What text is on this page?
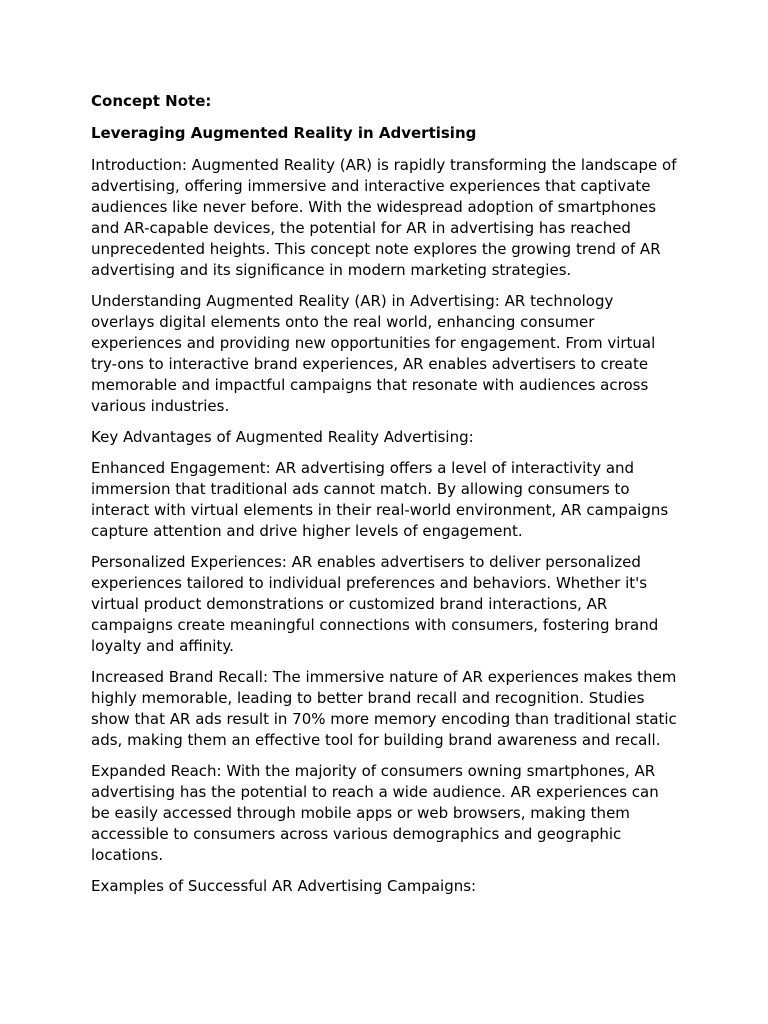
Concept Note:
Leveraging Augmented Reality in Advertising
Introduction: Augmented Reality (AR) is rapidly transforming the landscape of advertising, offering immersive and interactive experiences that captivate audiences like never before. With the widespread adoption of smartphones and AR-capable devices, the potential for AR in advertising has reached unprecedented heights. This concept note explores the growing trend of AR advertising and its significance in modern marketing strategies.
Understanding Augmented Reality (AR) in Advertising: AR technology overlays digital elements onto the real world, enhancing consumer experiences and providing new opportunities for engagement. From virtual try-ons to interactive brand experiences, AR enables advertisers to create memorable and impactful campaigns that resonate with audiences across various industries.
Key Advantages of Augmented Reality Advertising:
Enhanced Engagement: AR advertising offers a level of interactivity and immersion that traditional ads cannot match. By allowing consumers to interact with virtual elements in their real-world environment, AR campaigns capture attention and drive higher levels of engagement.
Personalized Experiences: AR enables advertisers to deliver personalized experiences tailored to individual preferences and behaviors. Whether it's virtual product demonstrations or customized brand interactions, AR campaigns create meaningful connections with consumers, fostering brand loyalty and affinity.
Increased Brand Recall: The immersive nature of AR experiences makes them highly memorable, leading to better brand recall and recognition. Studies show that AR ads result in 70% more memory encoding than traditional static ads, making them an effective tool for building brand awareness and recall.
Expanded Reach: With the majority of consumers owning smartphones, AR advertising has the potential to reach a wide audience. AR experiences can be easily accessed through mobile apps or web browsers, making them accessible to consumers across various demographics and geographic locations.
Examples of Successful AR Advertising Campaigns:
